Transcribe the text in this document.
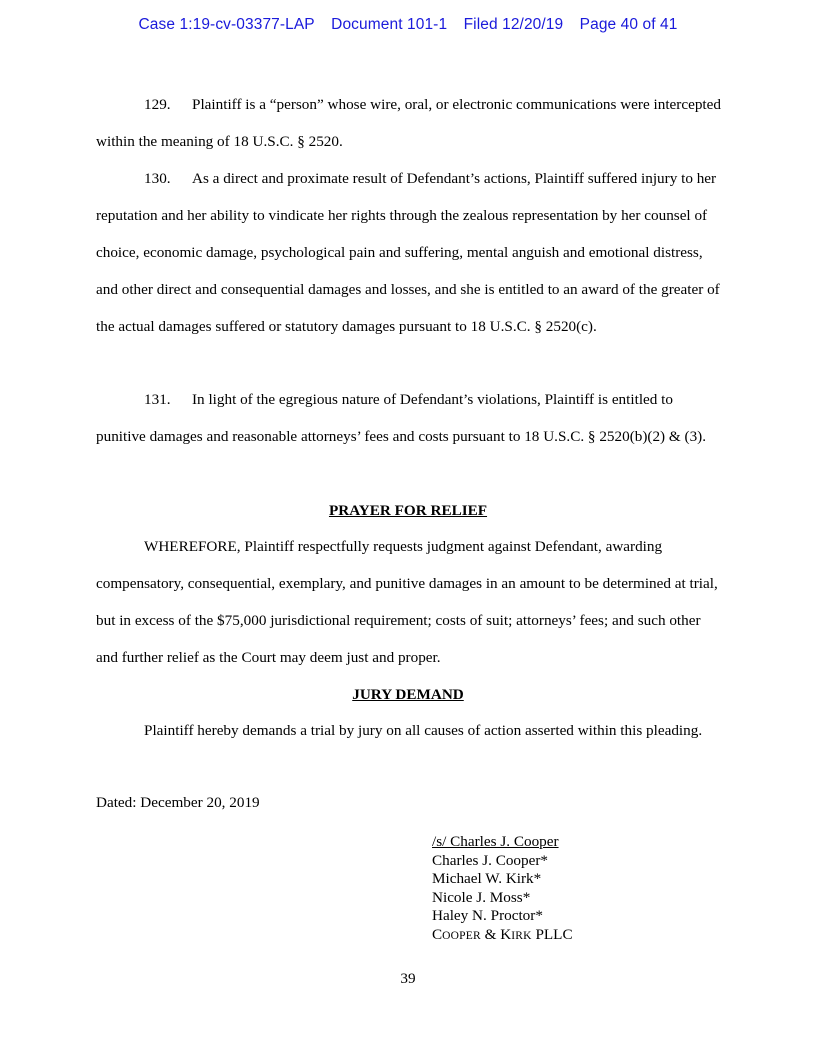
Case 1:19-cv-03377-LAP Document 101-1 Filed 12/20/19 Page 40 of 41

129. Plaintiff is a “person” whose wire, oral, or electronic communications were intercepted within the meaning of 18 U.S.C. § 2520.

130. As a direct and proximate result of Defendant’s actions, Plaintiff suffered injury to her reputation and her ability to vindicate her rights through the zealous representation by her counsel of choice, economic damage, psychological pain and suffering, mental anguish and emotional distress, and other direct and consequential damages and losses, and she is entitled to an award of the greater of the actual damages suffered or statutory damages pursuant to 18 U.S.C. § 2520(c).

131. In light of the egregious nature of Defendant’s violations, Plaintiff is entitled to punitive damages and reasonable attorneys’ fees and costs pursuant to 18 U.S.C. § 2520(b)(2) & (3).

PRAYER FOR RELIEF

WHEREFORE, Plaintiff respectfully requests judgment against Defendant, awarding compensatory, consequential, exemplary, and punitive damages in an amount to be determined at trial, but in excess of the $75,000 jurisdictional requirement; costs of suit; attorneys’ fees; and such other and further relief as the Court may deem just and proper.

JURY DEMAND

Plaintiff hereby demands a trial by jury on all causes of action asserted within this pleading.

Dated: December 20, 2019

/s/ Charles J. Cooper
Charles J. Cooper*
Michael W. Kirk*
Nicole J. Moss*
Haley N. Proctor*
COOPER & KIRK PLLC
39
